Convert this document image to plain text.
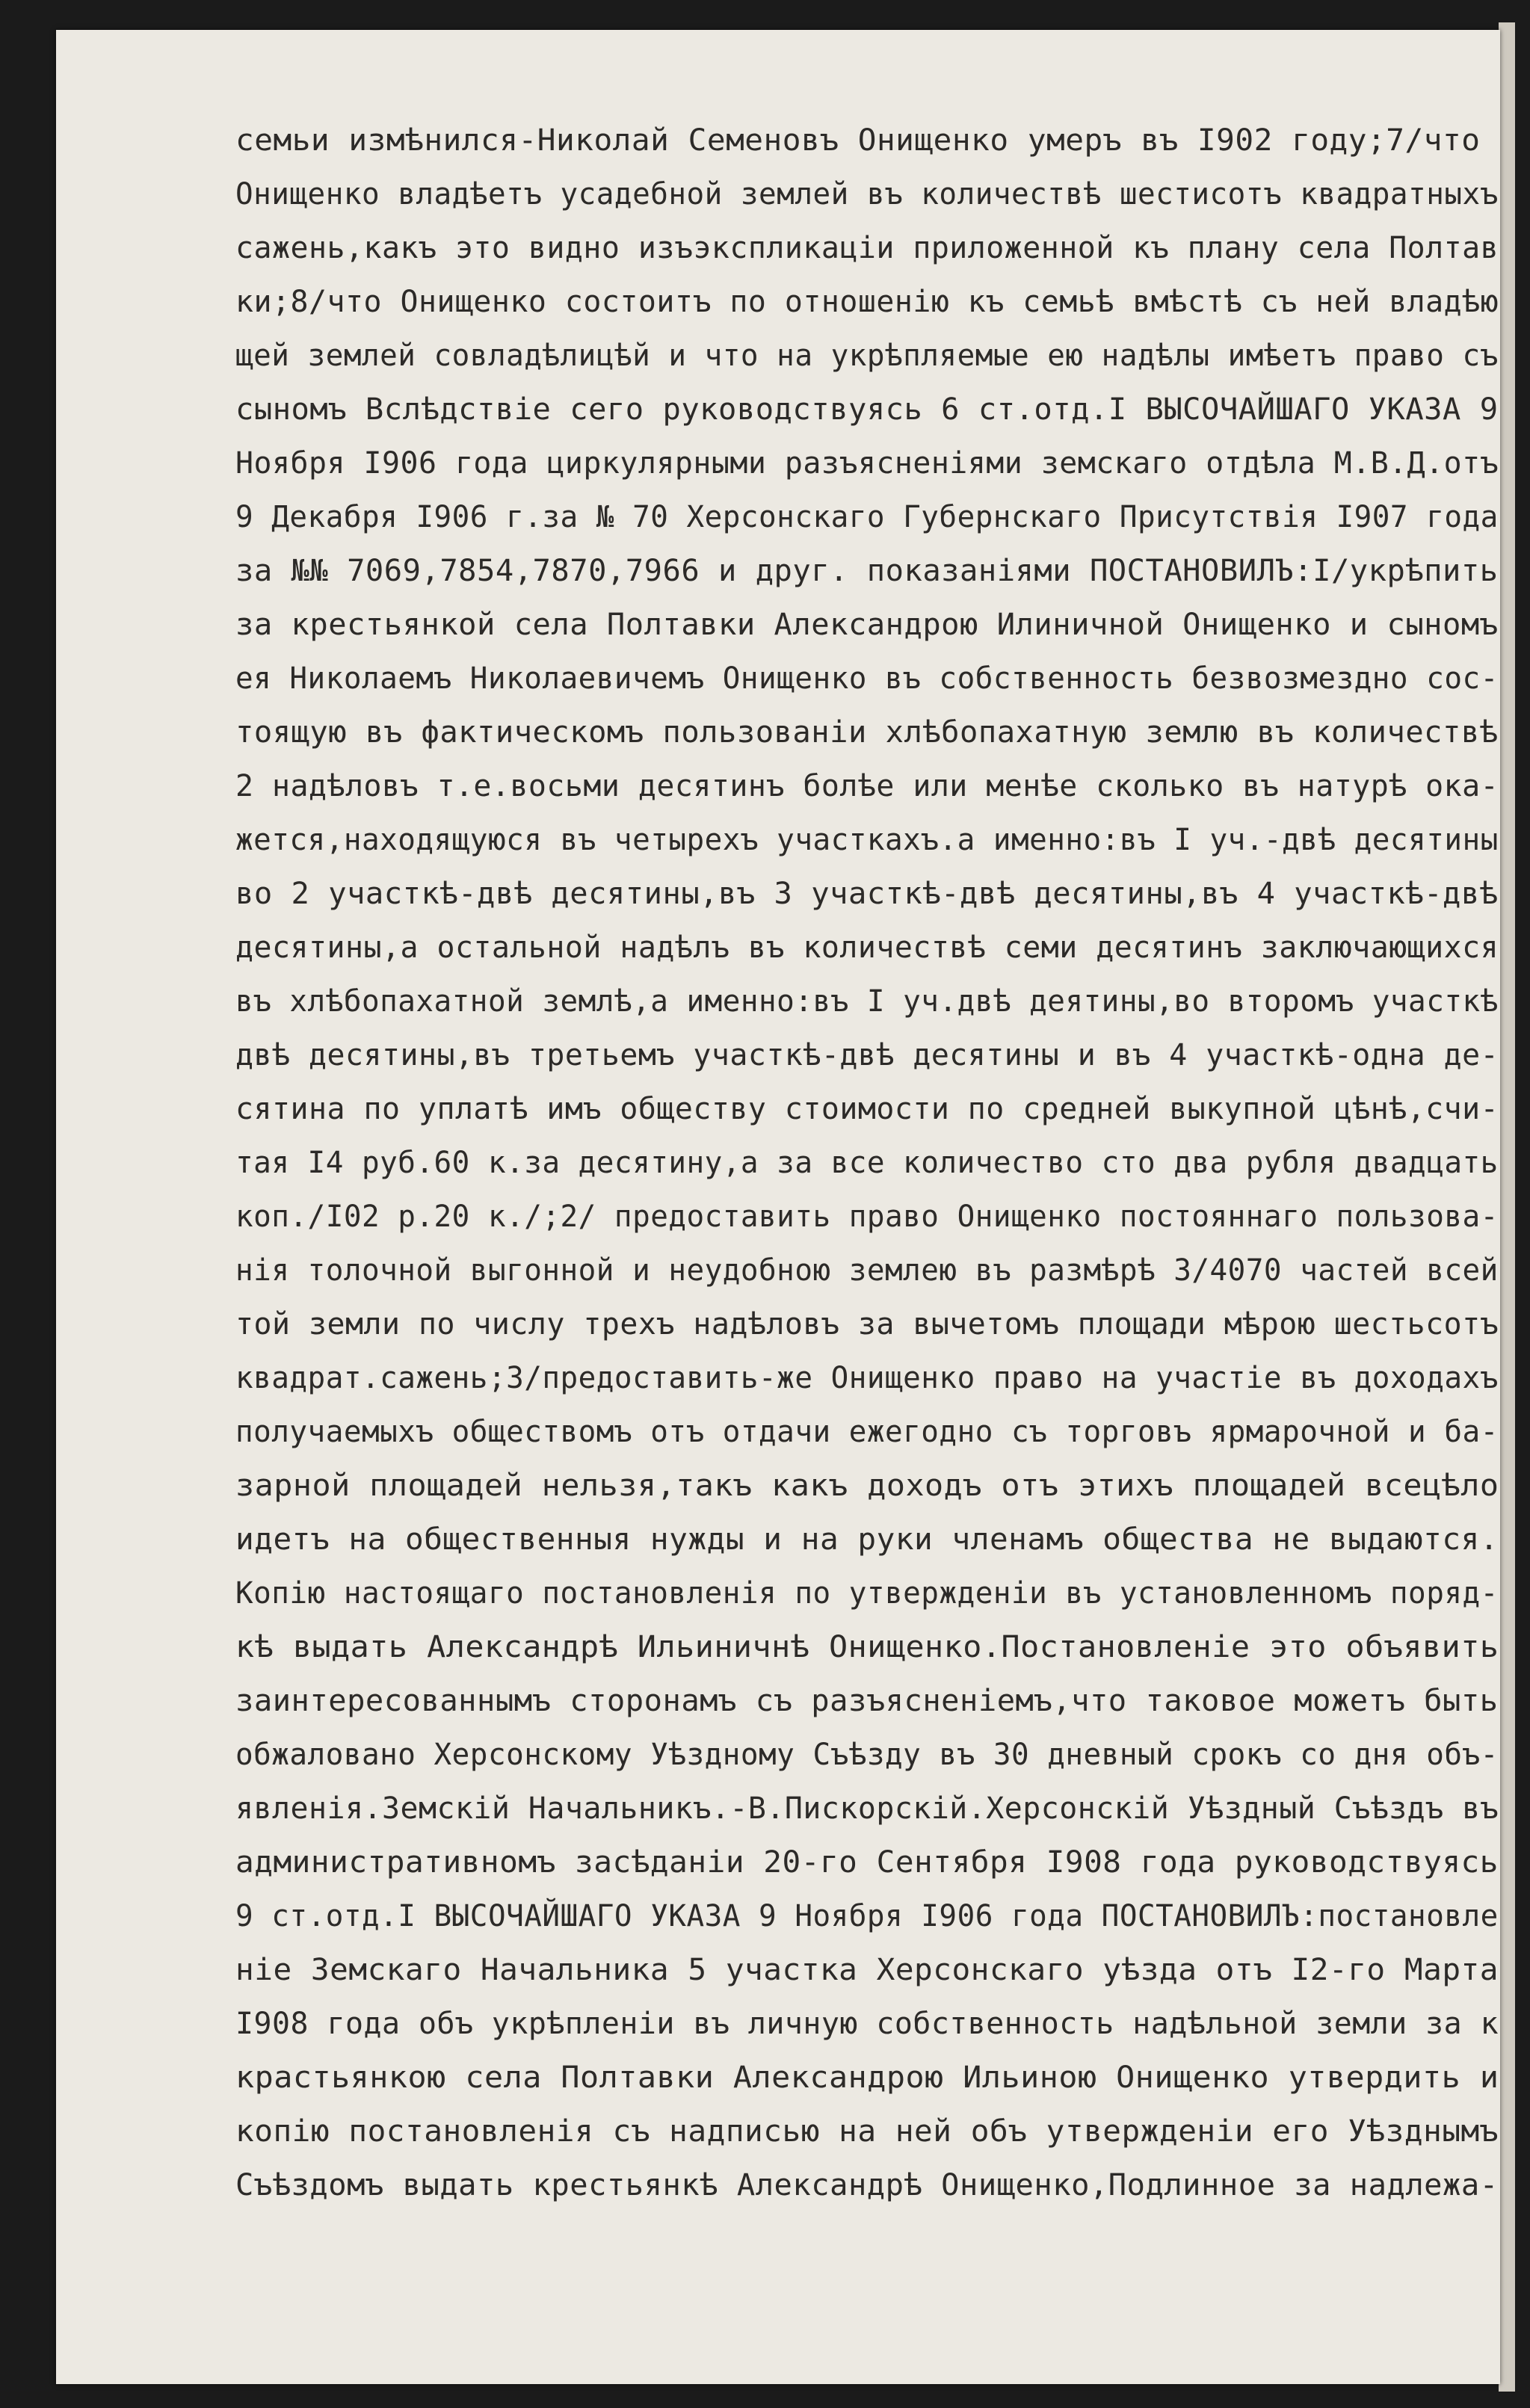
семьи измѣнился-Николай Семеновъ Онищенко умеръ въ I902 году;7/что
Онищенко владѣетъ усадебной землей въ количествѣ шестисотъ квадратныхъ
сажень,какъ это видно изъэкспликацiи приложенной къ плану села Полтав
ки;8/что Онищенко состоитъ по отношенiю къ семьѣ вмѣстѣ съ ней владѣю
щей землей совладѣлицѣй и что на укрѣпляемые ею надѣлы имѣетъ право съ
сыномъ Вслѣдствiе сего руководствуясь 6 ст.отд.I ВЫСОЧАЙШАГО УКАЗА 9
Ноября I906 года циркулярными разъясненiями земскаго отдѣла М.В.Д.отъ
9 Декабря I906 г.за № 70 Херсонскаго Губернскаго Присутствiя I907 года
за №№ 7069,7854,7870,7966 и друг. показанiями ПОСТАНОВИЛЪ:I/укрѣпить
за крестьянкой села Полтавки Александрою Илиничной Онищенко и сыномъ
ея Николаемъ Николаевичемъ Онищенко въ собственность безвозмездно сос-
тоящую въ фактическомъ пользованiи хлѣбопахатную землю въ количествѣ
2 надѣловъ т.е.восьми десятинъ болѣе или менѣе сколько въ натурѣ ока-
жется,находящуюся въ четырехъ участкахъ.а именно:въ I уч.-двѣ десятины
во 2 участкѣ-двѣ десятины,въ 3 участкѣ-двѣ десятины,въ 4 участкѣ-двѣ
десятины,а остальной надѣлъ въ количествѣ семи десятинъ заключающихся
въ хлѣбопахатной землѣ,а именно:въ I уч.двѣ деятины,во второмъ участкѣ
двѣ десятины,въ третьемъ участкѣ-двѣ десятины и въ 4 участкѣ-одна де-
сятина по уплатѣ имъ обществу стоимости по средней выкупной цѣнѣ,счи-
тая I4 руб.60 к.за десятину,а за все количество сто два рубля двадцать
коп./I02 р.20 к./;2/ предоставить право Онищенко постояннаго пользова-
нiя толочной выгонной и неудобною землею въ размѣрѣ 3/4070 частей всей
той земли по числу трехъ надѣловъ за вычетомъ площади мѣрою шестьсотъ
квадрат.сажень;3/предоставить-же Онищенко право на участiе въ доходахъ
получаемыхъ обществомъ отъ отдачи ежегодно съ торговъ ярмарочной и ба-
зарной площадей нельзя,такъ какъ доходъ отъ этихъ площадей всецѣло
идетъ на общественныя нужды и на руки членамъ общества не выдаются.
Копiю настоящаго постановленiя по утвержденiи въ установленномъ поряд-
кѣ выдать Александрѣ Ильиничнѣ Онищенко.Постановленiе это объявить
заинтересованнымъ сторонамъ съ разъясненiемъ,что таковое можетъ быть
обжаловано Херсонскому Уѣздному Съѣзду въ 30 дневный срокъ со дня объ-
явленiя.Земскiй Начальникъ.-В.Пискорскiй.Херсонскiй Уѣздный Съѣздъ въ
административномъ засѣданiи 20-го Сентября I908 года руководствуясь
9 ст.отд.I ВЫСОЧАЙШАГО УКАЗА 9 Ноября I906 года ПОСТАНОВИЛЪ:постановле
нiе Земскаго Начальника 5 участка Херсонскаго уѣзда отъ I2-го Марта
I908 года объ укрѣпленiи въ личную собственность надѣльной земли за к
крастьянкою села Полтавки Александрою Ильиною Онищенко утвердить и
копiю постановленiя съ надписью на ней объ утвержденiи его Уѣзднымъ
Съѣздомъ выдать крестьянкѣ Александрѣ Онищенко,Подлинное за надлежа-
